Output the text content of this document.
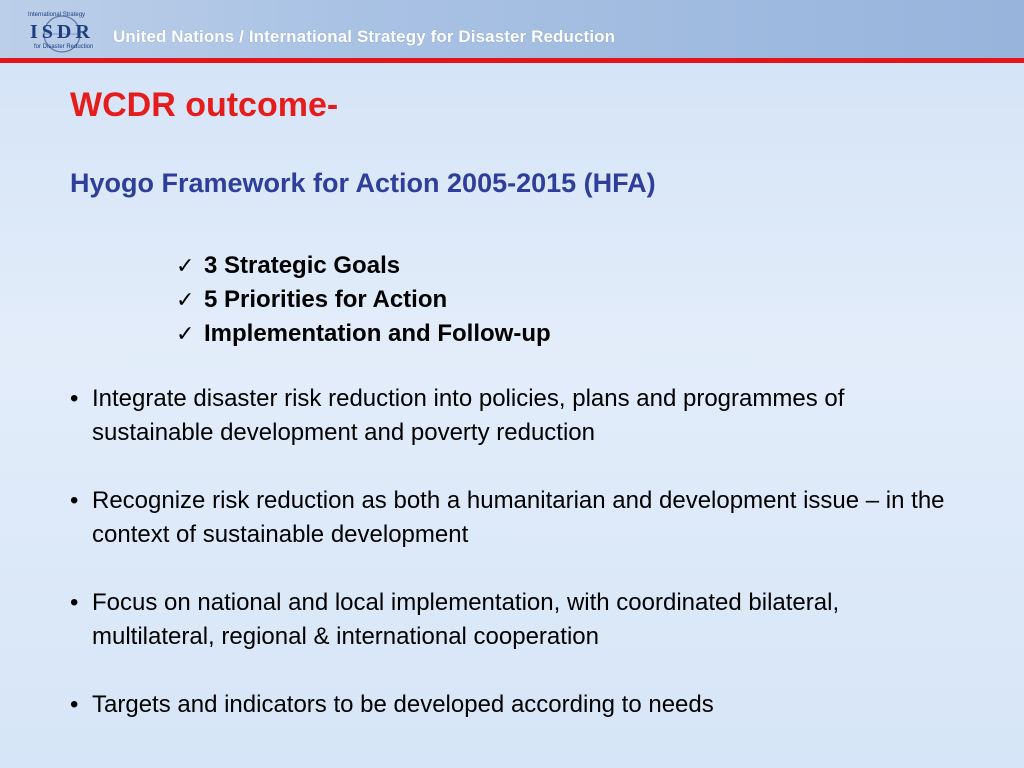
International Strategy
ISDR
for Disaster Reduction
United Nations / International Strategy for Disaster Reduction
WCDR outcome-
Hyogo Framework for Action 2005-2015 (HFA)
✓ 3 Strategic Goals
✓ 5 Priorities for Action
✓ Implementation and Follow-up
• Integrate disaster risk reduction into policies, plans and programmes of sustainable development and poverty reduction
• Recognize risk reduction as both a humanitarian and development issue – in the context of sustainable development
• Focus on national and local implementation, with coordinated bilateral, multilateral, regional & international cooperation
• Targets and indicators to be developed according to needs
